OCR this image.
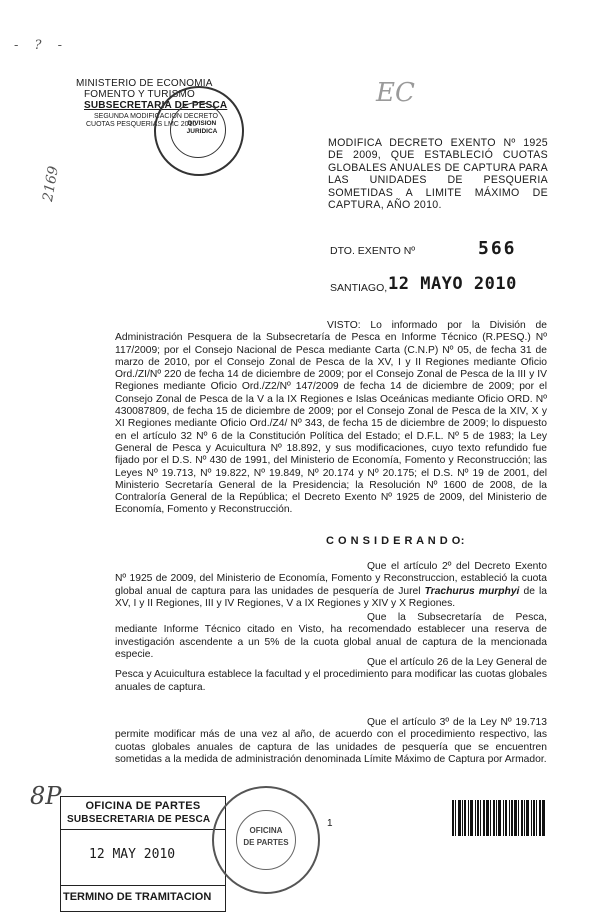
- ? -
EC
2169
8P
MINISTERIO DE ECONOMIA
FOMENTO Y TURISMO
SUBSECRETARIA DE PESCA
SEGUNDA MODIFICACION DECRETO
CUOTAS PESQUERIAS LMC 2010
DIVISION JURIDICA
MODIFICA DECRETO EXENTO Nº 1925 DE 2009, QUE ESTABLECIÓ CUOTAS GLOBALES ANUALES DE CAPTURA PARA LAS UNIDADES DE PESQUERIA SOMETIDAS A LIMITE MÁXIMO DE CAPTURA, AÑO 2010.
DTO. EXENTO Nº	566
SANTIAGO, 12 MAYO 2010
VISTO: Lo informado por la División de Administración Pesquera de la Subsecretaría de Pesca en Informe Técnico (R.PESQ.) Nº 117/2009; por el Consejo Nacional de Pesca mediante Carta (C.N.P) Nº 05, de fecha 31 de marzo de 2010, por el Consejo Zonal de Pesca de la XV, I y II Regiones mediante Oficio Ord./ZI/Nº 220 de fecha 14 de diciembre de 2009; por el Consejo Zonal de Pesca de la III y IV Regiones mediante Oficio Ord./Z2/Nº 147/2009 de fecha 14 de diciembre de 2009; por el Consejo Zonal de Pesca de la V a la IX Regiones e Islas Oceánicas mediante Oficio ORD. Nº 430087809, de fecha 15 de diciembre de 2009; por el Consejo Zonal de Pesca de la XIV, X y XI Regiones mediante Oficio Ord./Z4/ Nº 343, de fecha 15 de diciembre de 2009; lo dispuesto en el artículo 32 Nº 6 de la Constitución Política del Estado; el D.F.L. Nº 5 de 1983; la Ley General de Pesca y Acuicultura Nº 18.892, y sus modificaciones, cuyo texto refundido fue fijado por el D.S. Nº 430 de 1991, del Ministerio de Economía, Fomento y Reconstrucción; las Leyes Nº 19.713, Nº 19.822, Nº 19.849, Nº 20.174 y Nº 20.175; el D.S. Nº 19 de 2001, del Ministerio Secretaría General de la Presidencia; la Resolución Nº 1600 de 2008, de la Contraloría General de la República; el Decreto Exento Nº 1925 de 2009, del Ministerio de Economía, Fomento y Reconstrucción.
C O N S I D E R A N D O:
Que el artículo 2º del Decreto Exento Nº 1925 de 2009, del Ministerio de Economía, Fomento y Reconstruccion, estableció la cuota global anual de captura para las unidades de pesquería de Jurel Trachurus murphyi de la XV, I y II Regiones, III y IV Regiones, V a IX Regiones y XIV y X Regiones.
Que la Subsecretaría de Pesca, mediante Informe Técnico citado en Visto, ha recomendado establecer una reserva de investigación ascendente a un 5% de la cuota global anual de captura de la mencionada especie.
Que el artículo 26 de la Ley General de Pesca y Acuicultura establece la facultad y el procedimiento para modificar las cuotas globales anuales de captura.
Que el artículo 3º de la Ley Nº 19.713 permite modificar más de una vez al año, de acuerdo con el procedimiento respectivo, las cuotas globales anuales de captura de las unidades de pesquería que se encuentren sometidas a la medida de administración denominada Límite Máximo de Captura por Armador.
OFICINA DE PARTES
SUBSECRETARIA DE PESCA
12 MAY 2010
TERMINO DE TRAMITACION
OFICINA
DE PARTES
1
